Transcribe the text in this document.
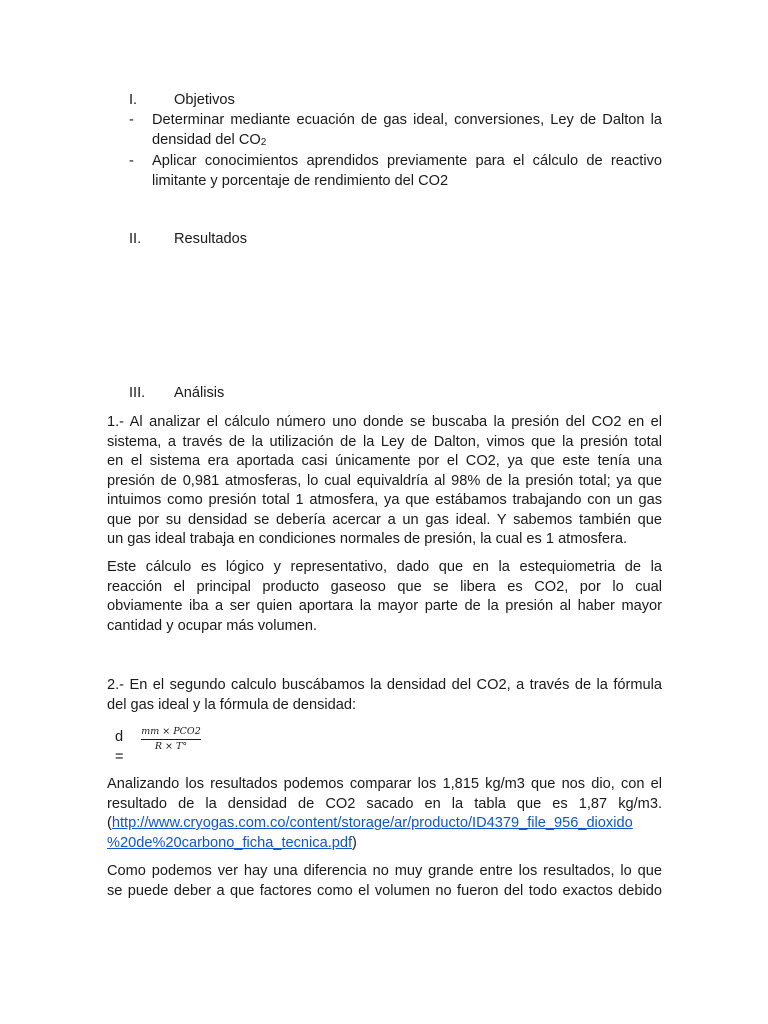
I.	Objetivos
- Determinar mediante ecuación de gas ideal, conversiones, Ley de Dalton la
densidad del $CO_2$
- Aplicar conocimientos aprendidos previamente para el cálculo de reactivo
limitante y porcentaje de rendimiento del CO2
II. Resultados
III. Análisis
1.- Al analizar el cálculo número uno donde se buscaba la presión del CO2 en el
sistema, a través de la utilización de la Ley de Dalton, vimos que la presión total
en el sistema era aportada casi únicamente por el CO2, ya que este tenía una
presión de 0,981 atmosferas, lo cual equivaldría al 98% de la presión total; ya que
intuimos como presión total 1 atmosfera, ya que estábamos trabajando con un gas
que por su densidad se debería acercar a un gas ideal. Y sabemos también que
un gas ideal trabaja en condiciones normales de presión, la cual es 1 atmosfera.
Este cálculo es lógico y representativo, dado que en la estequiometria de la
reacción el principal producto gaseoso que se libera es CO2, por lo cual
obviamente iba a ser quien aportara la mayor parte de la presión al haber mayor
cantidad y ocupar más volumen.
2.- En el segundo calculo buscábamos la densidad del CO2, a través de la fórmula
del gas ideal y la fórmula de densidad:
d =
mm × PCO2
R × T°
Analizando los resultados podemos comparar los 1,815 kg/m3 que nos dio, con el
resultado de la densidad de CO2 sacado en la tabla que es 1,87 kg/m3.
(http://www.cryogas.com.co/content/storage/ar/producto/ID4379_file_956_dioxido
%20de%20carbono_ficha_tecnica.pdf)
Como podemos ver hay una diferencia no muy grande entre los resultados, lo que
se puede deber a que factores como el volumen no fueron del todo exactos debido
